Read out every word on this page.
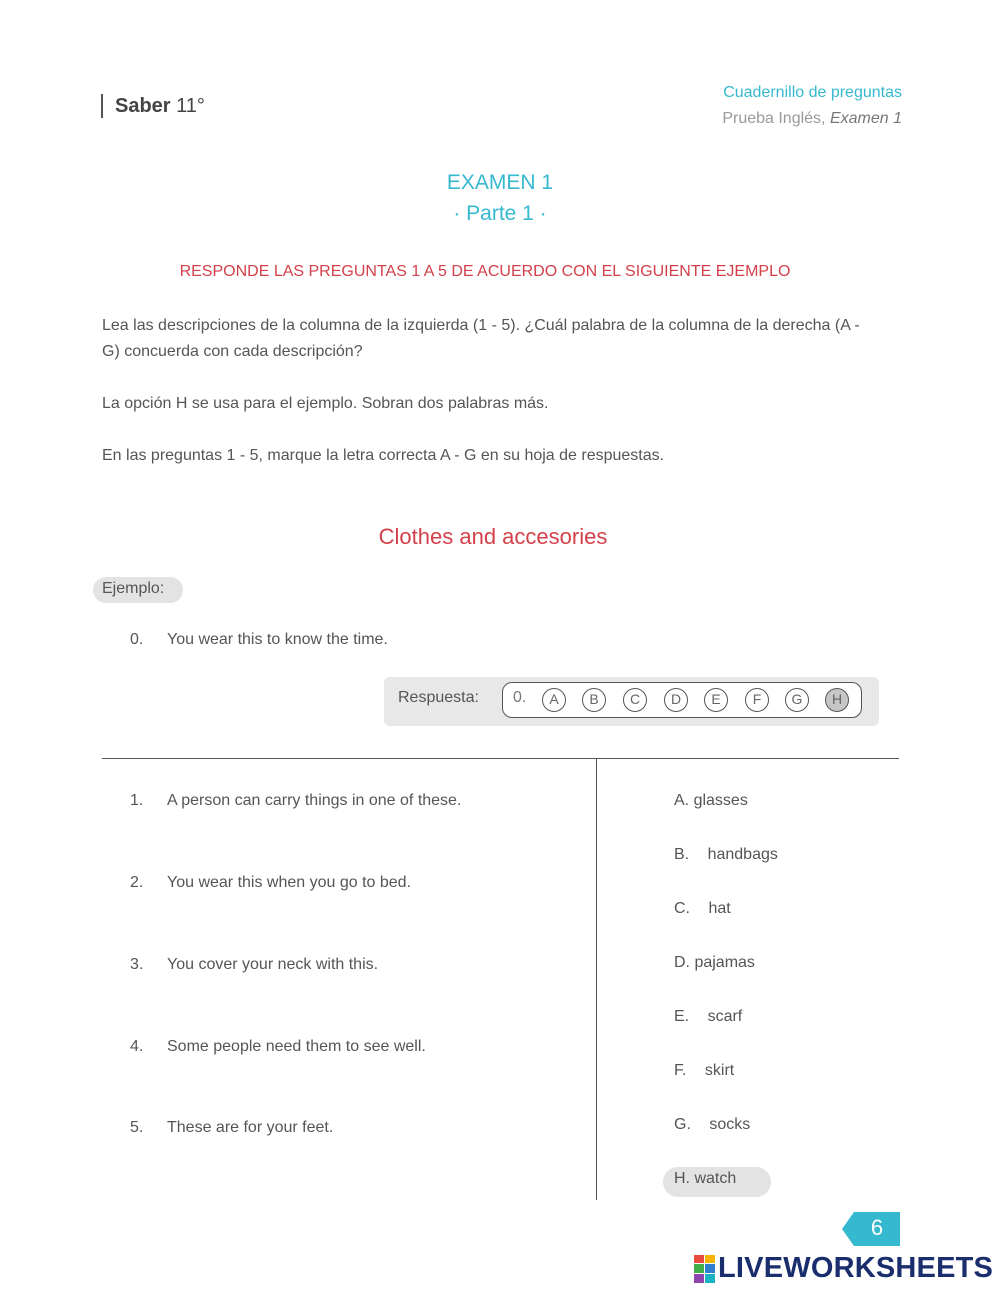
Saber 11°
Cuadernillo de preguntas
Prueba Inglés, Examen 1
EXAMEN 1
· Parte 1 ·
RESPONDE LAS PREGUNTAS 1 A 5 DE ACUERDO CON EL SIGUIENTE EJEMPLO
Lea las descripciones de la columna de la izquierda (1 - 5). ¿Cuál palabra de la columna de la derecha (A - G) concuerda con cada descripción?
La opción H se usa para el ejemplo. Sobran dos palabras más.
En las preguntas 1 - 5, marque la letra correcta A - G en su hoja de respuestas.
Clothes and accesories
Ejemplo:
0. You wear this to know the time.
Respuesta: 0.	A	B	C	D	E	F	G	H
1. A person can carry things in one of these.
2. You wear this when you go to bed.
3. You cover your neck with this.
4. Some people need them to see well.
5. These are for your feet.
A. glasses
B. handbags
C. hat
D. pajamas
E. scarf
F. skirt
G. socks
H. watch
6
LIVEWORKSHEETS
